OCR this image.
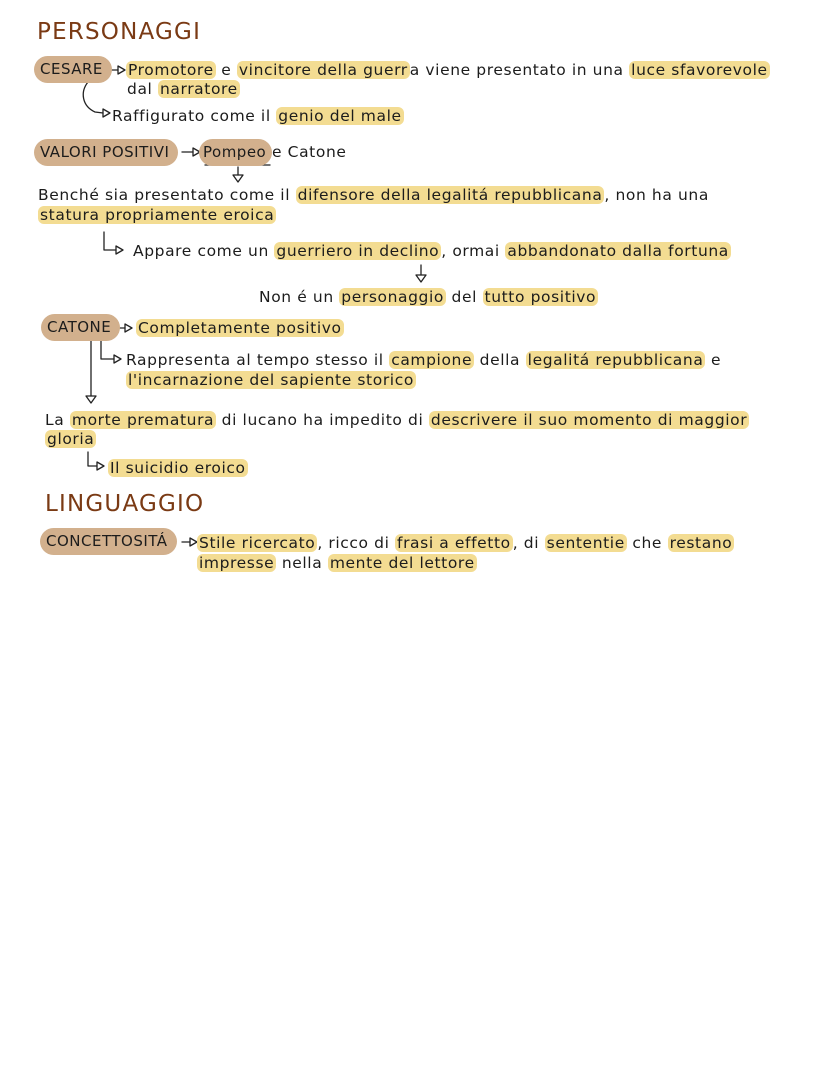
PERSONAGGI
CESARE	Promotore e vincitore della guerr a viene presentato in una luce sfavorevole
dal narratore
Raffigurato come il genio del male
VALORI POSITIVI	Pompeo e Catone
Benché sia presentato come il difensore della legalitá repubblicana , non ha una
statura propriamente eroica
Appare come un guerriero in declino , ormai abbandonato dalla fortuna
Non é un personaggio del tutto positivo
CATONE	Completamente positivo
Rappresenta al tempo stesso il campione della legalitá repubblicana e
l'incarnazione del sapiente storico
La morte prematura di lucano ha impedito di descrivere il suo momento di maggior
gloria
Il suicidio eroico
LINGUAGGIO
CONCETTOSITÁ	Stile ricercato , ricco di frasi a effetto , di sententie che restano
impresse nella mente del lettore
